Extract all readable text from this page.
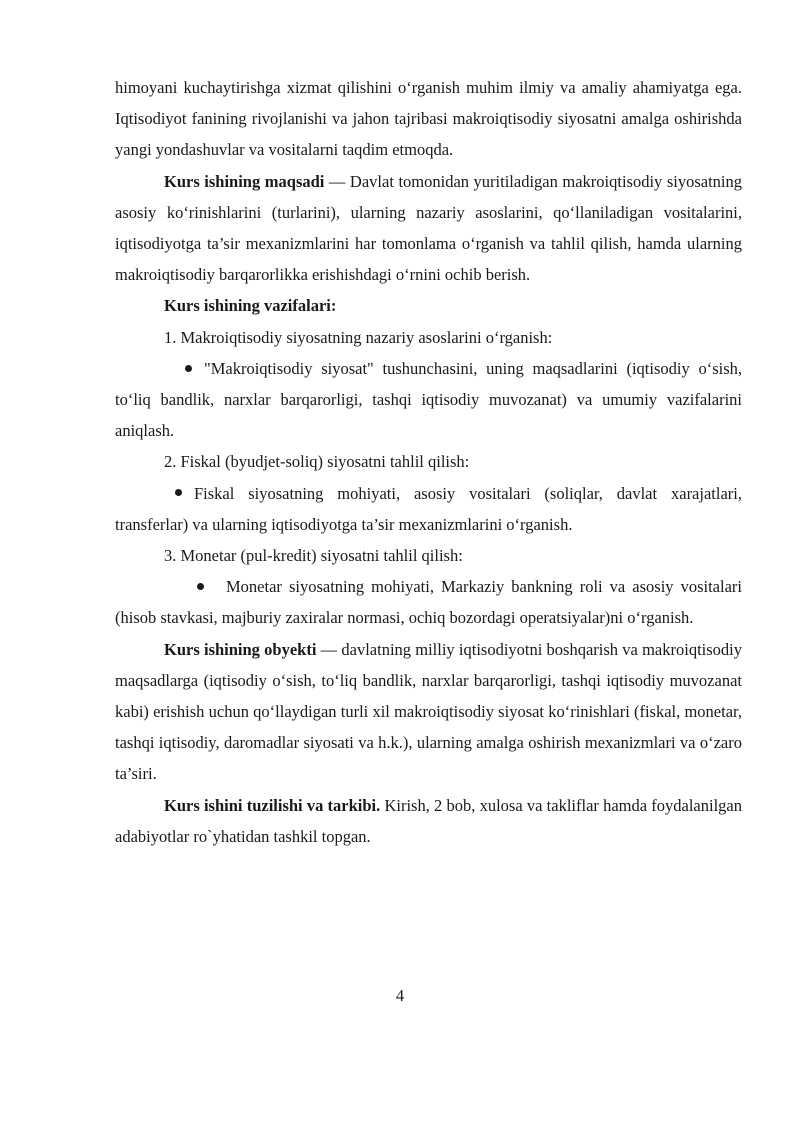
himoyani kuchaytirishga xizmat qilishini o‘rganish muhim ilmiy va amaliy ahamiyatga ega. Iqtisodiyot fanining rivojlanishi va jahon tajribasi makroiqtisodiy siyosatni amalga oshirishda yangi yondashuvlar va vositalarni taqdim etmoqda.

Kurs ishining maqsadi — Davlat tomonidan yuritiladigan makroiqtisodiy siyosatning asosiy ko‘rinishlarini (turlarini), ularning nazariy asoslarini, qo‘llaniladigan vositalarini, iqtisodiyotga ta’sir mexanizmlarini har tomonlama o‘rganish va tahlil qilish, hamda ularning makroiqtisodiy barqarorlikka erishishdagi o‘rnini ochib berish.

Kurs ishining vazifalari:

1. Makroiqtisodiy siyosatning nazariy asoslarini o‘rganish:

"Makroiqtisodiy siyosat" tushunchasini, uning maqsadlarini (iqtisodiy o‘sish, to‘liq bandlik, narxlar barqarorligi, tashqi iqtisodiy muvozanat) va umumiy vazifalarini aniqlash.

2. Fiskal (byudjet-soliq) siyosatni tahlil qilish:

Fiskal siyosatning mohiyati, asosiy vositalari (soliqlar, davlat xarajatlari, transferlar) va ularning iqtisodiyotga ta’sir mexanizmlarini o‘rganish.

3. Monetar (pul-kredit) siyosatni tahlil qilish:

Monetar siyosatning mohiyati, Markaziy bankning roli va asosiy vositalari (hisob stavkasi, majburiy zaxiralar normasi, ochiq bozordagi operatsiyalar)ni o‘rganish.

Kurs ishining obyekti — davlatning milliy iqtisodiyotni boshqarish va makroiqtisodiy maqsadlarga (iqtisodiy o‘sish, to‘liq bandlik, narxlar barqarorligi, tashqi iqtisodiy muvozanat kabi) erishish uchun qo‘llaydigan turli xil makroiqtisodiy siyosat ko‘rinishlari (fiskal, monetar, tashqi iqtisodiy, daromadlar siyosati va h.k.), ularning amalga oshirish mexanizmlari va o‘zaro ta’siri.

Kurs ishini tuzilishi va tarkibi. Kirish, 2 bob, xulosa va takliflar hamda foydalanilgan adabiyotlar ro`yhatidan tashkil topgan.

4
